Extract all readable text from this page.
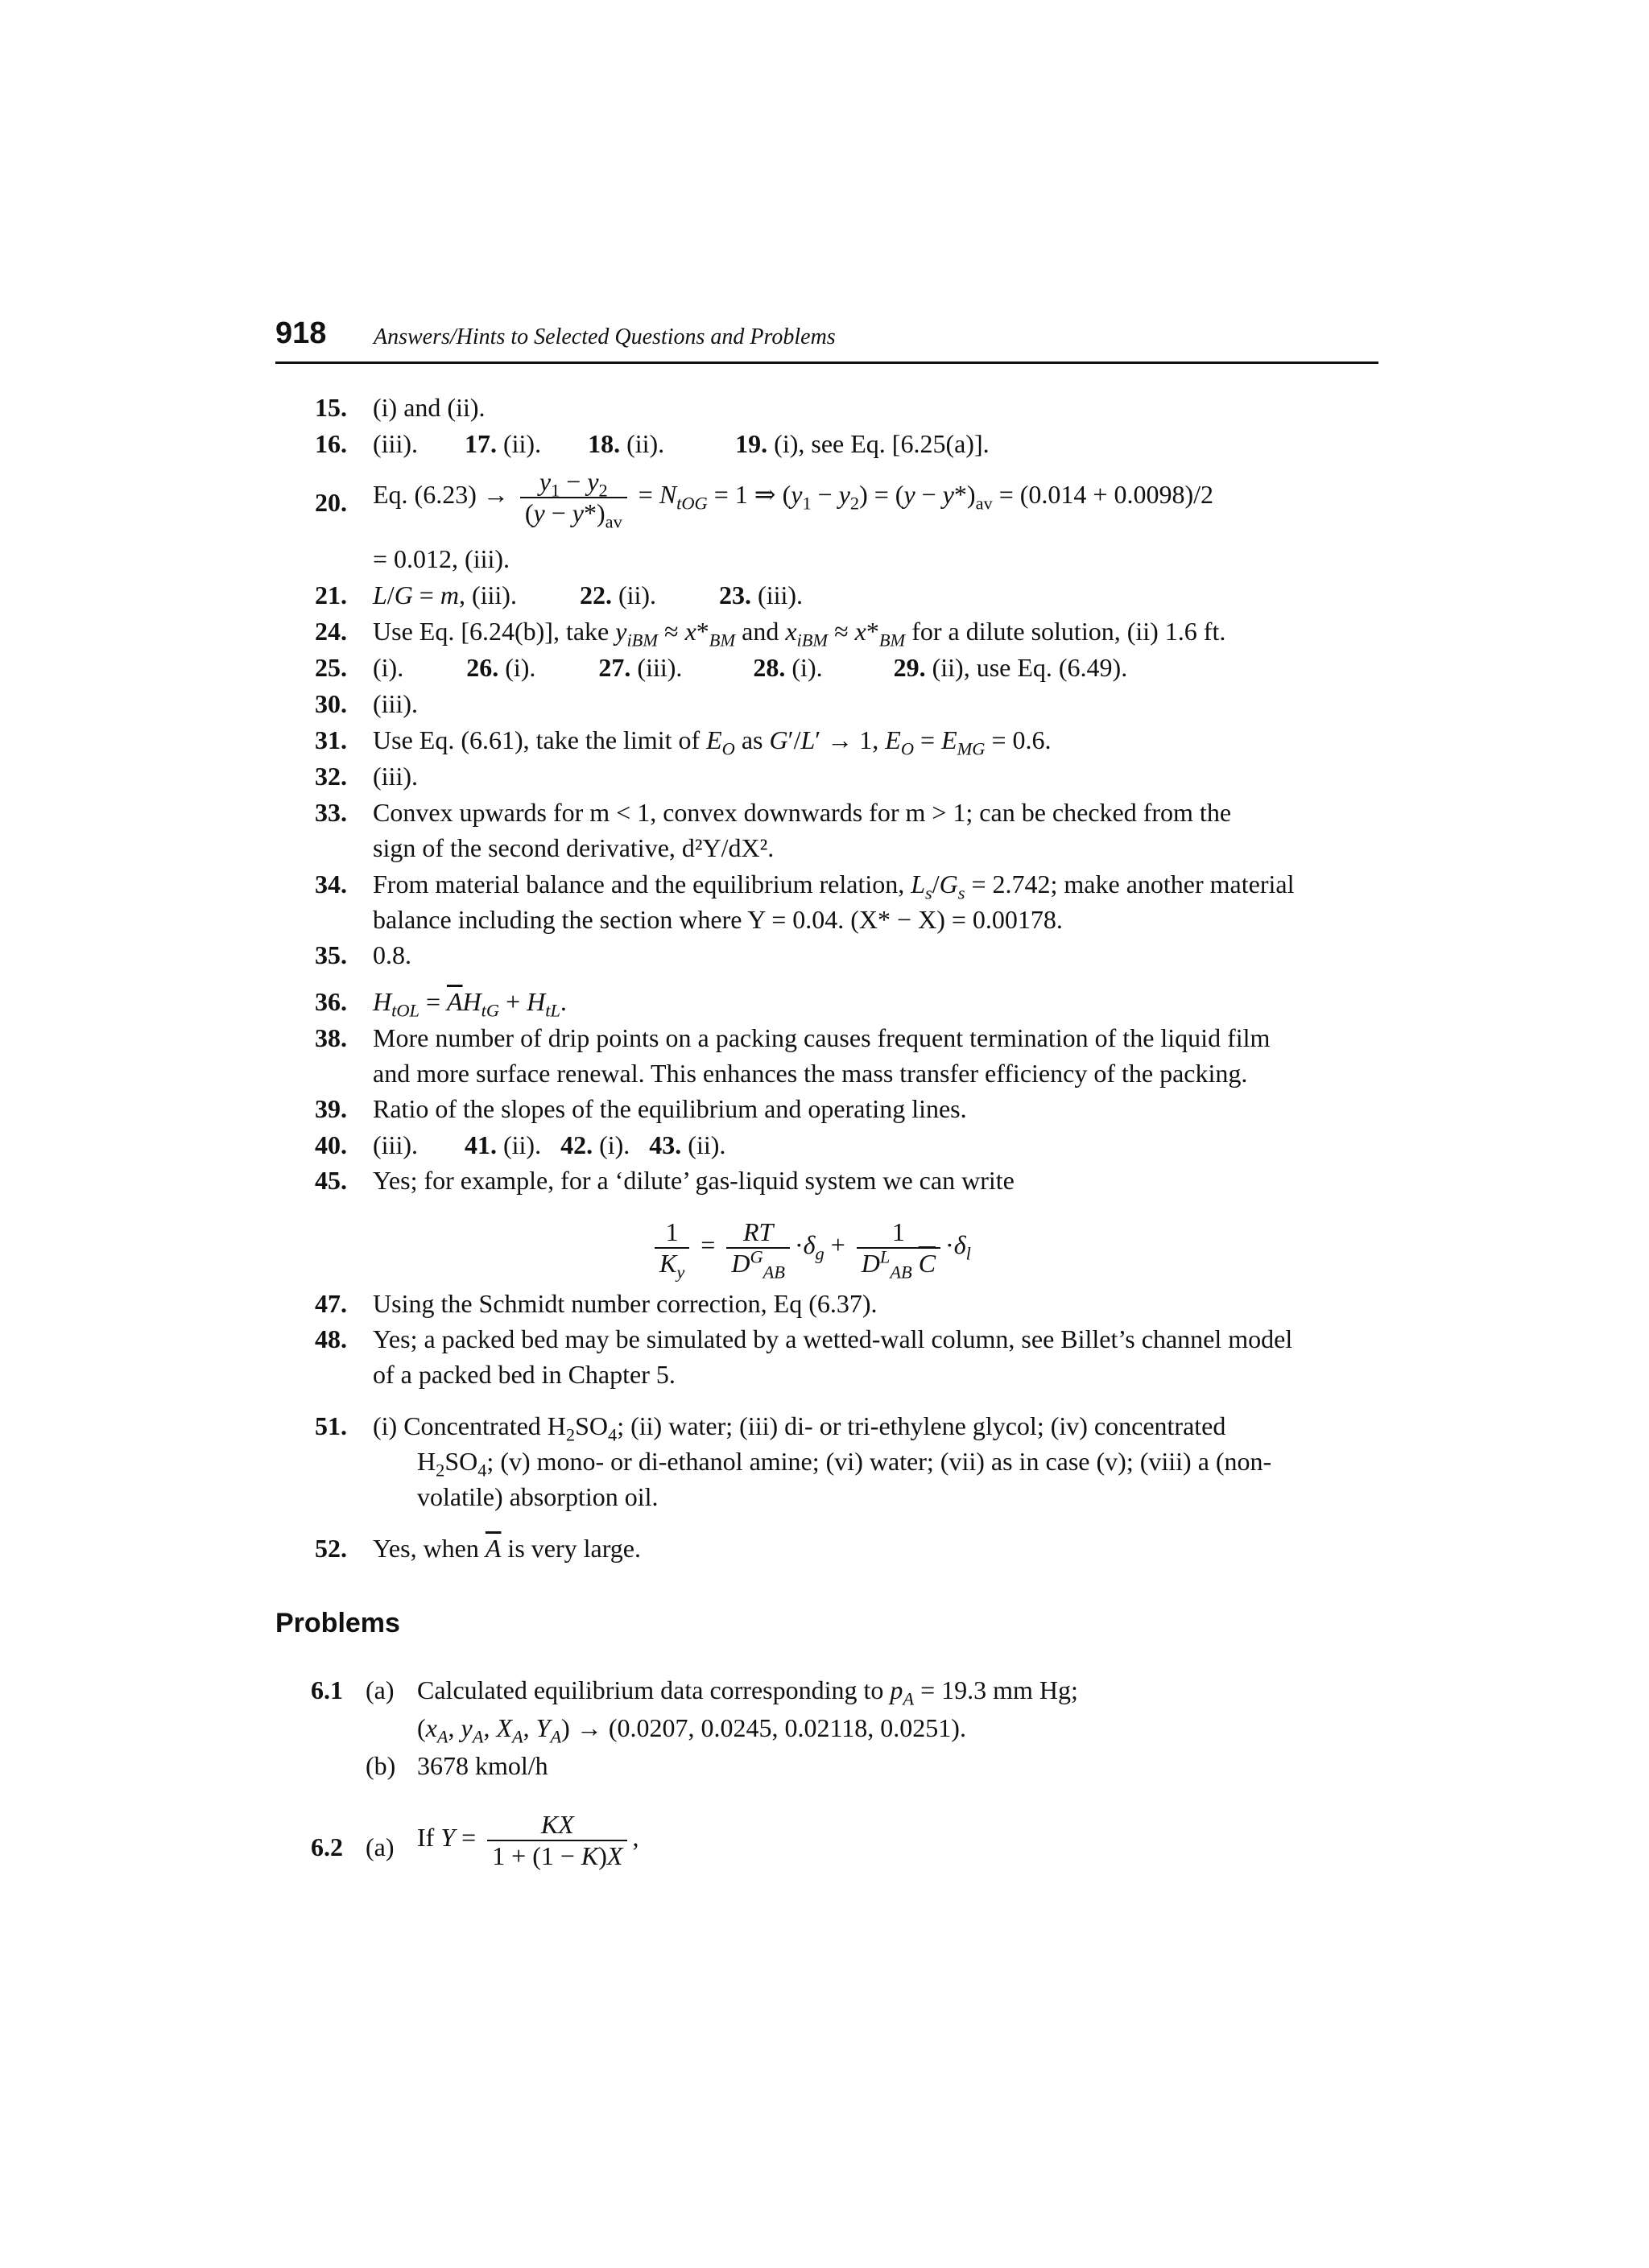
918 Answers/Hints to Selected Questions and Problems
15. (i) and (ii).
16. (iii). 17. (ii). 18. (ii).	19. (i), see Eq. [6.25(a)].
20. Eq. $(6.23) \to \frac{y_1 - y_2}{(y - y*)_{av}} = N_{tOG} = 1$ ⇒ $(y_1 - y_2) = (y - y*)_{av} = (0.014 + 0.0098)/2$
= 0.012, (iii).
21. L/G = m, (iii). 22. (ii). 23. (iii).
24. Use Eq. [6.24(b)], take $y_{iBM} \approx x*_{BM}$ and $x_{iBM} \approx x*_{BM}$ for a dilute solution, (ii) 1.6 ft.
25. (i). 26. (i). 27. (iii).	28. (i).	29. (ii), use Eq. (6.49).
30. (iii).
31. Use Eq. (6.61), take the limit of $E_O$ as G′/L′ → 1, $E_O = E_{MG} = 0.6$.
32. (iii).
33. Convex upwards for m < 1, convex downwards for m > 1; can be checked from the
sign of the second derivative, d²Y/dX².
34. From material balance and the equilibrium relation, $L_s/G_s = 2.742$; make another material
balance including the section where Y = 0.04. (X* − X) = 0.00178.
35. 0.8.
36. $H_{tOL} = \overline{A}H_{tG} + H_{tL}$.
38. More number of drip points on a packing causes frequent termination of the liquid film
and more surface renewal. This enhances the mass transfer efficiency of the packing.
39. Ratio of the slopes of the equilibrium and operating lines.
40. (iii). 41. (ii). 42. (i). 43. (ii).
45. Yes; for example, for a ‘dilute’ gas-liquid system we can write
$\frac{1}{K_y} = \frac{RT}{D^G_{AB}} \cdot\delta_g + \frac{1}{D^L_{AB} \overline{C}} \cdot\delta_l$
47. Using the Schmidt number correction, Eq (6.37).
48. Yes; a packed bed may be simulated by a wetted-wall column, see Billet’s channel model
of a packed bed in Chapter 5.
51. (i) Concentrated $H_2SO_4$; (ii) water; (iii) di- or tri-ethylene glycol; (iv) concentrated
$H_2SO_4$; (v) mono- or di-ethanol amine; (vi) water; (vii) as in case (v); (viii) a (non-
volatile) absorption oil.
52. Yes, when $\overline{A}$ is very large.
Problems
6.1 (a) Calculated equilibrium data corresponding to $p_A = 19.3$ mm Hg;
($x_A$, $y_A$, $X_A$, $Y_A) \to (0.0207$, 0.0245, 0.02118, 0.0251).
(b) 3678 kmol/h
6.2 (a) If $Y = \frac{KX}{1 + (1 - K)X}$ ,
